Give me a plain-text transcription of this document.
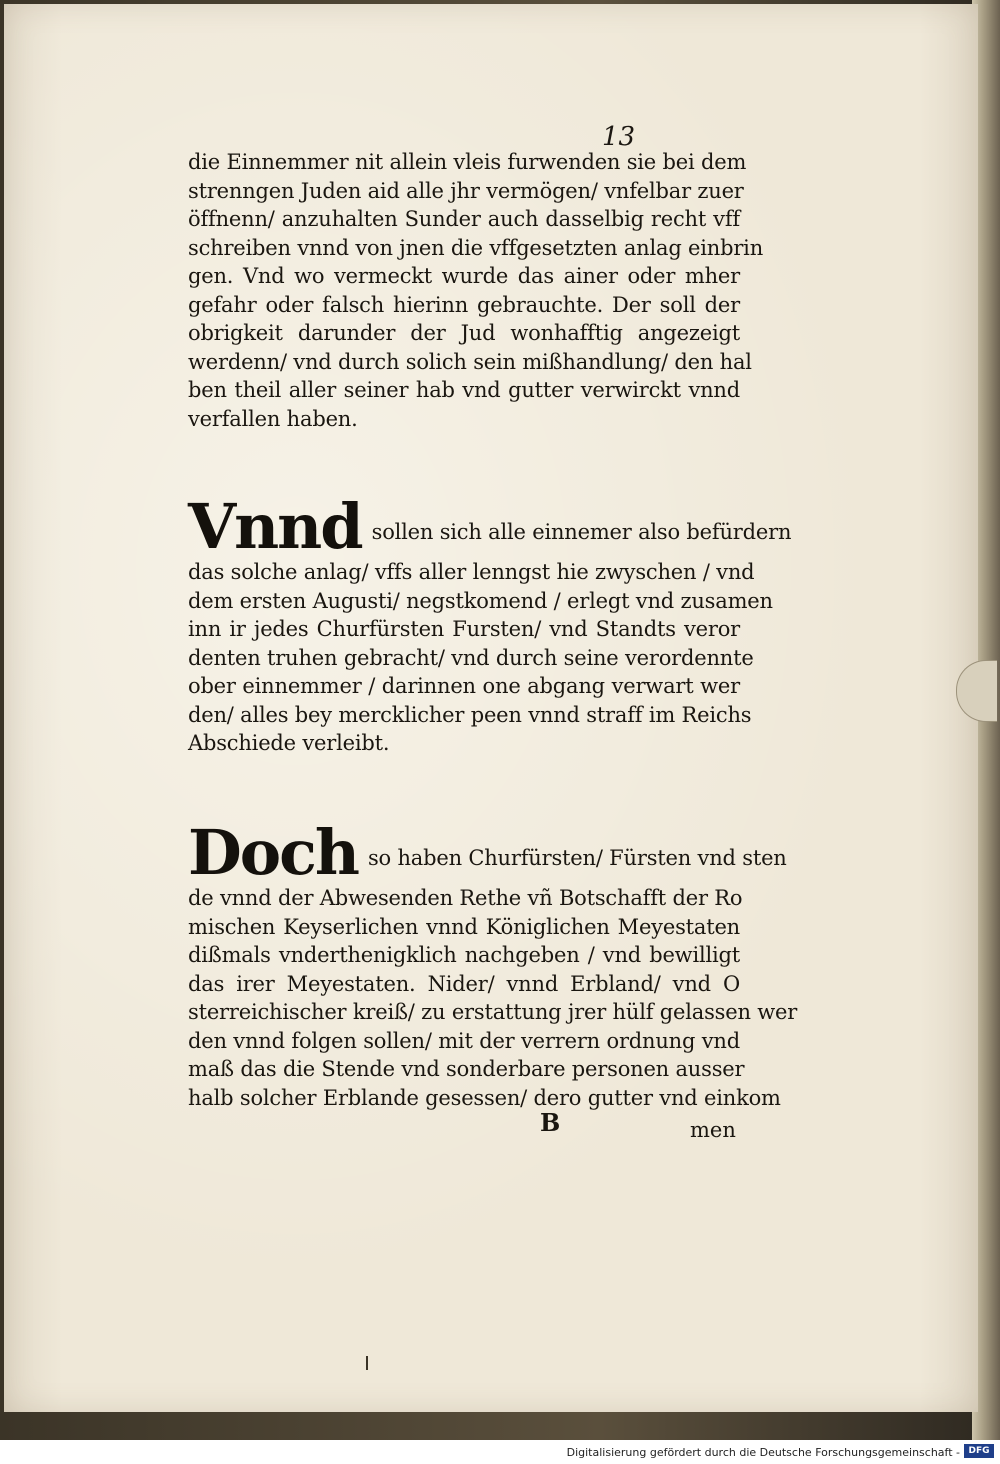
13
die Einnemmer nit allein vleis furwenden sie bei dem
strenngen Juden aid alle jhr vermögen/ vnfelbar zuer
öffnenn/ anzuhalten Sunder auch dasselbig recht vff
schreiben vnnd von jnen die vffgesetzten anlag einbrin
gen. Vnd wo vermeckt wurde das ainer oder mher
gefahr oder falsch hierinn gebrauchte. Der soll der
obrigkeit darunder der Jud wonhafftig angezeigt
werdenn/ vnd durch solich sein mißhandlung/ den hal
ben theil aller seiner hab vnd gutter verwirckt vnnd
verfallen haben.
Vnnd sollen sich alle einnemer also befürdern
das solche anlag/ vffs aller lenngst hie zwyschen / vnd
dem ersten Augusti/ negstkomend / erlegt vnd zusamen
inn ir jedes Churfürsten Fursten/ vnd Standts veror
denten truhen gebracht/ vnd durch seine verordennte
ober einnemmer / darinnen one abgang verwart wer
den/ alles bey mercklicher peen vnnd straff im Reichs
Abschiede verleibt.
Doch so haben Churfürsten/ Fürsten vnd sten
de vnnd der Abwesenden Rethe vñ Botschafft der Ro
mischen Keyserlichen vnnd Königlichen Meyestaten
dißmals vnderthenigklich nachgeben / vnd bewilligt
das irer Meyestaten. Nider/ vnnd Erbland/ vnd O
sterreichischer kreiß/ zu erstattung jrer hülf gelassen wer
den vnnd folgen sollen/ mit der verrern ordnung vnd
maß das die Stende vnd sonderbare personen ausser
halb solcher Erblande gesessen/ dero gutter vnd einkom
B	men
Digitalisierung gefördert durch die Deutsche Forschungsgemeinschaft - DFG
